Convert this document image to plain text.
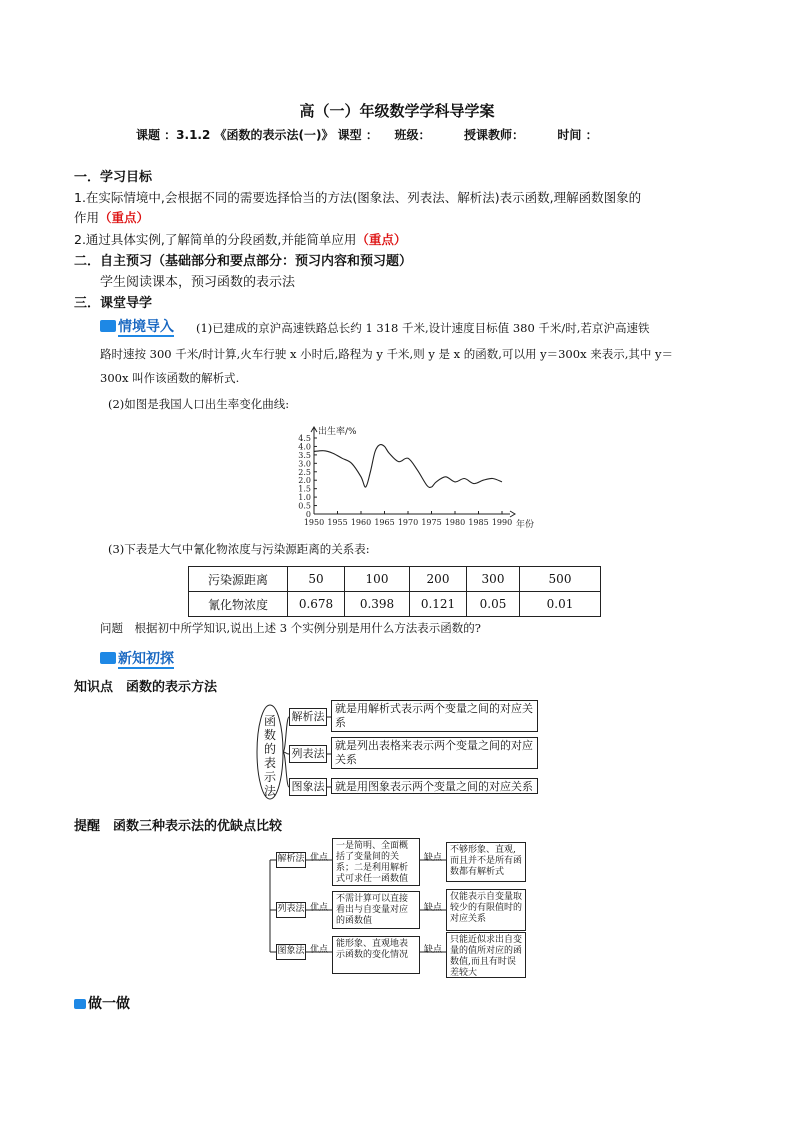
高（一）年级数学学科导学案
课题 ：3.1.2 《函数的表示法(一)》 课型 ：    班级：        授课教师：        时间 ：
一．学习目标
1.在实际情境中,会根据不同的需要选择恰当的方法(图象法、列表法、解析法)表示函数,理解函数图象的
作用（重点）
2.通过具体实例,了解简单的分段函数,并能简单应用（重点）
二．自主预习（基础部分和要点部分：预习内容和预习题）
学生阅读课本，预习函数的表示法
三．课堂导学
情境导入 (1)已建成的京沪高速铁路总长约 1 318 千米,设计速度目标值 380 千米/时,若京沪高速铁
路时速按 300 千米/时计算,火车行驶 x 小时后,路程为 y 千米,则 y 是 x 的函数,可以用 y＝300x 来表示,其中 y＝
300x 叫作该函数的解析式.
(2)如图是我国人口出生率变化曲线:
0
0.5
1.0
1.5
2.0
2.5
3.0
3.5
4.0
4.5
1950 1955 1960 1965 1970 1975 1980 1985 1990
出生率/%
年份
(3)下表是大气中氰化物浓度与污染源距离的关系表:
污染源距离	50	100	200	300	500
氰化物浓度	0.678	0.398	0.121	0.05	0.01
问题　根据初中所学知识,说出上述 3 个实例分别是用什么方法表示函数的?
新知初探
知识点　函数的表示方法
函数的表示法
解析法
就是用解析式表示两个变量之间的对应关系
列表法
就是列出表格来表示两个变量之间的对应关系
图象法 就是用图象表示两个变量之间的对应关系
提醒　函数三种表示法的优缺点比较
解析法 优点
一是简明、全面概括了变量间的关系；二是利用解析式可求任一函数值
缺点
不够形象、直观,而且并不是所有函数都有解析式
列表法 优点
不需计算可以直接看出与自变量对应的函数值
缺点
仅能表示自变量取较少的有限值时的对应关系
图象法 优点
能形象、直观地表示函数的变化情况	缺点
只能近似求出自变量的值所对应的函数值,而且有时误差较大
做一做
